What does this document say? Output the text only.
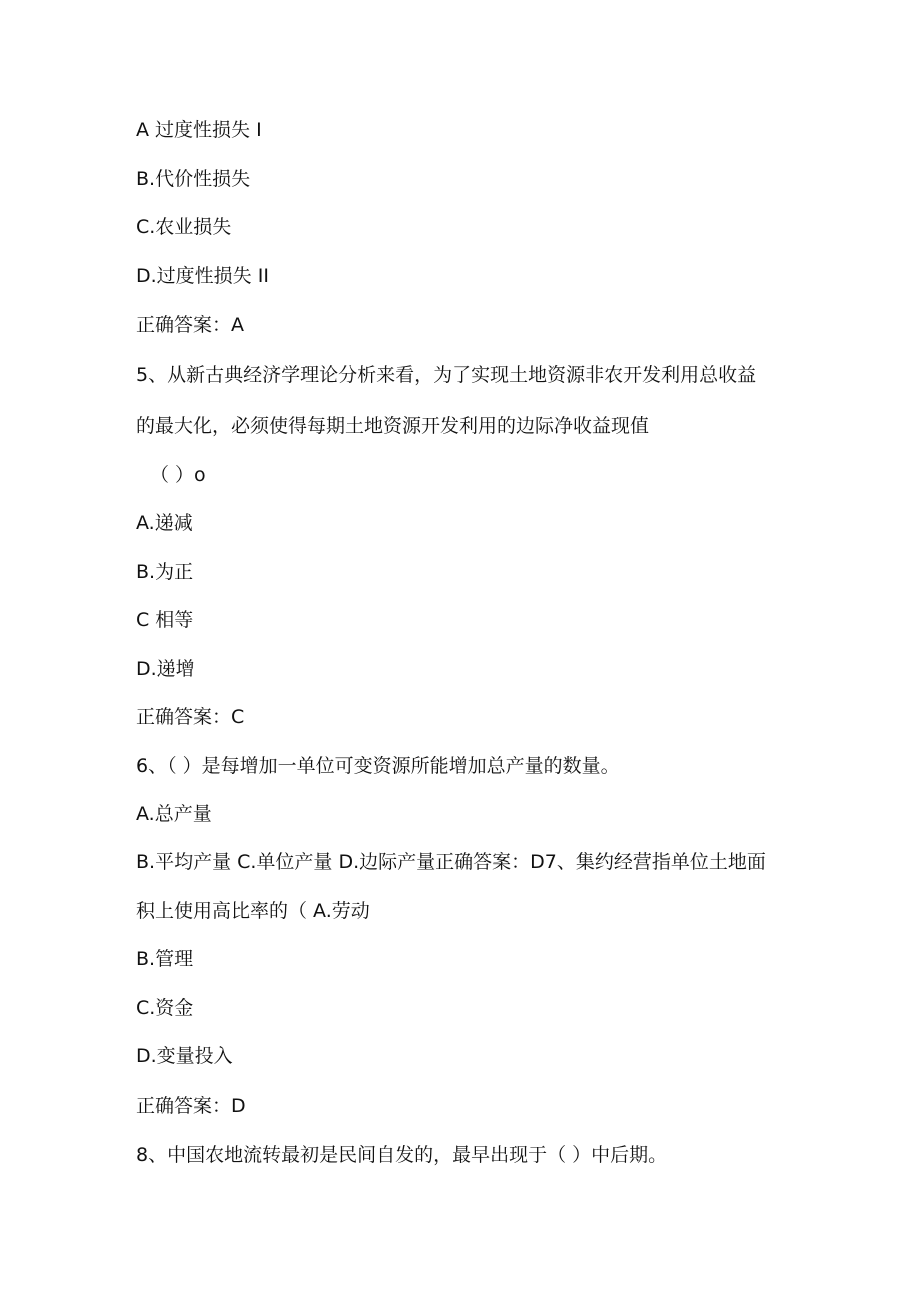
A 过度性损失 I
B.代价性损失
C.农业损失
D.过度性损失 II
正确答案：A
5、从新古典经济学理论分析来看，为了实现土地资源非农开发利用总收益
的最大化，必须使得每期土地资源开发利用的边际净收益现值
（ ）o
A.递减
B.为正
C 相等
D.递增
正确答案：C
6、（ ）是每增加一单位可变资源所能增加总产量的数量。
A.总产量
B.平均产量 C.单位产量 D.边际产量正确答案：D7、集约经营指单位土地面
积上使用高比率的（ A.劳动
B.管理
C.资金
D.变量投入
正确答案：D
8、中国农地流转最初是民间自发的，最早出现于（ ）中后期。
